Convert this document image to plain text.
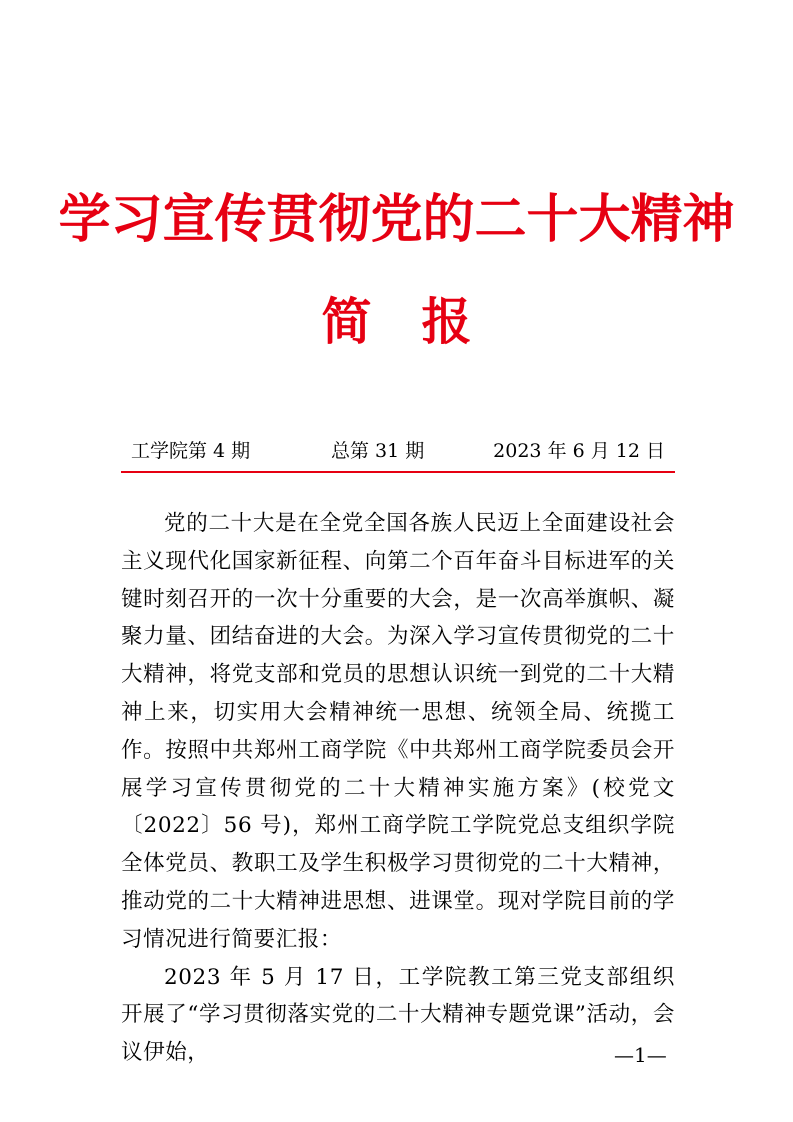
学习宣传贯彻党的二十大精神
简　报
工学院第 4 期	总第 31 期	2023 年 6 月 12 日

党的二十大是在全党全国各族人民迈上全面建设社会主义现代化国家新征程、向第二个百年奋斗目标进军的关键时刻召开的一次十分重要的大会，是一次高举旗帜、凝聚力量、团结奋进的大会。为深入学习宣传贯彻党的二十大精神，将党支部和党员的思想认识统一到党的二十大精神上来，切实用大会精神统一思想、统领全局、统揽工作。按照中共郑州工商学院《中共郑州工商学院委员会开展学习宣传贯彻党的二十大精神实施方案》(校党文〔2022〕56 号)，郑州工商学院工学院党总支组织学院全体党员、教职工及学生积极学习贯彻党的二十大精神，推动党的二十大精神进思想、进课堂。现对学院目前的学习情况进行简要汇报：

2023 年 5 月 17 日，工学院教工第三党支部组织开展了“学习贯彻落实党的二十大精神专题党课”活动，会议伊始，	—1—
